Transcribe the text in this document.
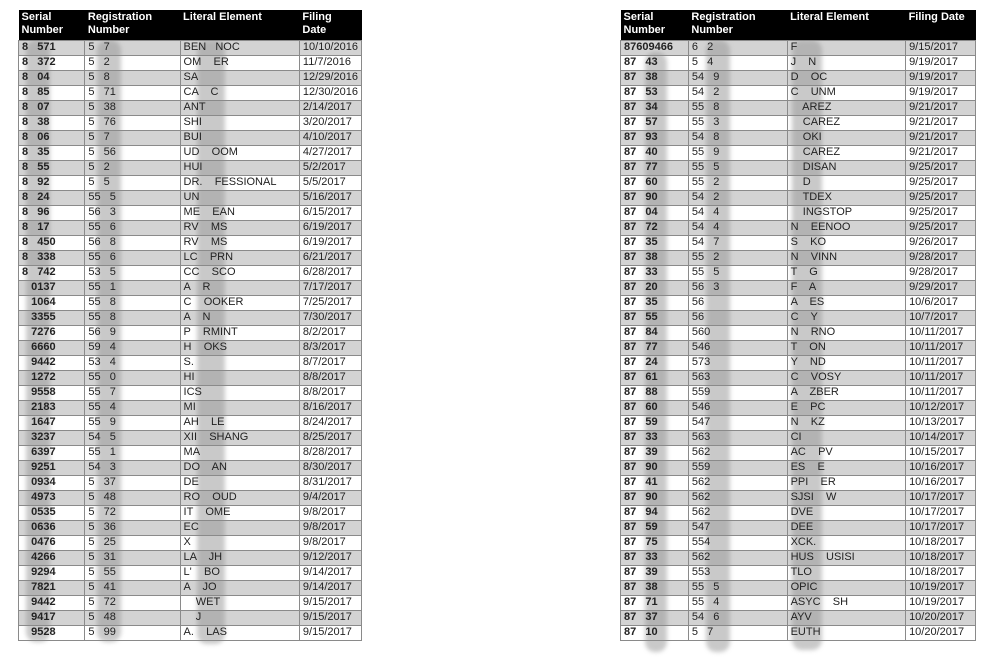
Serial
Number	Registration
Number	Literal Element	Filing Date
8   571	5   7	BEN   NOC	10/10/2016
8   372	5   2	OM    ER	11/7/2016
8   04	5   8	SA	12/29/2016
8   85	5   71	CA    C	12/30/2016
8   07	5   38	ANT	2/14/2017
8   38	5   76	SHI	3/20/2017
8   06	5   7	BUI	4/10/2017
8   35	5   56	UD    OOM	4/27/2017
8   55	5   2	HUI	5/2/2017
8   92	5   5	DR.    FESSIONAL	5/5/2017
8   24	55   5	UN	5/16/2017
8   96	56   3	ME    EAN	6/15/2017
8   17	55   6	RV    MS	6/19/2017
8   450	56   8	RV    MS	6/19/2017
8   338	55   6	LC    PRN	6/21/2017
8   742	53   5	CC    SCO	6/28/2017
0137	55   1	A    R	7/17/2017
1064	55   8	C    OOKER	7/25/2017
3355	55   8	A    N	7/30/2017
7276	56   9	P    RMINT	8/2/2017
6660	59   4	H    OKS	8/3/2017
9442	53   4	S.	8/7/2017
1272	55   0	HI	8/8/2017
9558	55   7	ICS	8/8/2017
2183	55   4	MI	8/16/2017
1647	55   9	AH    LE	8/24/2017
3237	54   5	XII    SHANG	8/25/2017
6397	55   1	MA	8/28/2017
9251	54   3	DO    AN	8/30/2017
0934	5   37	DE	8/31/2017
4973	5   48	RO    OUD	9/4/2017
0535	5   72	IT    OME	9/8/2017
0636	5   36	EC	9/8/2017
0476	5   25	X	9/8/2017
4266	5   31	LA    JH	9/12/2017
9294	5   55	L'    BO	9/14/2017
7821	5   41	A    JO	9/14/2017
9442	5   72	WET	9/15/2017
9417	5   48	J	9/15/2017
9528	5   99	A.    LAS	9/15/2017
Serial
Number	Registration
Number	Literal Element	Filing Date
87609466	6   2	F	9/15/2017
87   43	5   4	J    N	9/19/2017
87   38	54   9	D    OC	9/19/2017
87   53	54   2	C    UNM	9/19/2017
87   34	55   8	AREZ	9/21/2017
87   57	55   3	CAREZ	9/21/2017
87   93	54   8	OKI	9/21/2017
87   40	55   9	CAREZ	9/21/2017
87   77	55   5	DISAN	9/25/2017
87   60	55   2	D	9/25/2017
87   90	54   2	TDEX	9/25/2017
87   04	54   4	INGSTOP	9/25/2017
87   72	54   4	N    EENOO	9/25/2017
87   35	54   7	S    KO	9/26/2017
87   38	55   2	N    VINN	9/28/2017
87   33	55   5	T    G	9/28/2017
87   20	56   3	F    A	9/29/2017
87   35	56	A    ES	10/6/2017
87   55	56	C    Y	10/7/2017
87   84	560	N    RNO	10/11/2017
87   77	546	T    ON	10/11/2017
87   24	573	Y    ND	10/11/2017
87   61	563	C    VOSY	10/11/2017
87   88	559	A    ZBER	10/11/2017
87   60	546	E    PC	10/12/2017
87   59	547	N    KZ	10/13/2017
87   33	563	CI	10/14/2017
87   39	562	AC    PV	10/15/2017
87   90	559	ES    E	10/16/2017
87   41	562	PPI    ER	10/16/2017
87   90	562	SJSI    W	10/17/2017
87   94	562	DVE	10/17/2017
87   59	547	DEE	10/17/2017
87   75	554	XCK.	10/18/2017
87   33	562	HUS    USISI	10/18/2017
87   39	553	TLO	10/18/2017
87   38	55   5	OPIC	10/19/2017
87   71	55   4	ASYC    SH	10/19/2017
87   37	54   6	AYV	10/20/2017
87   10	5   7	EUTH	10/20/2017
